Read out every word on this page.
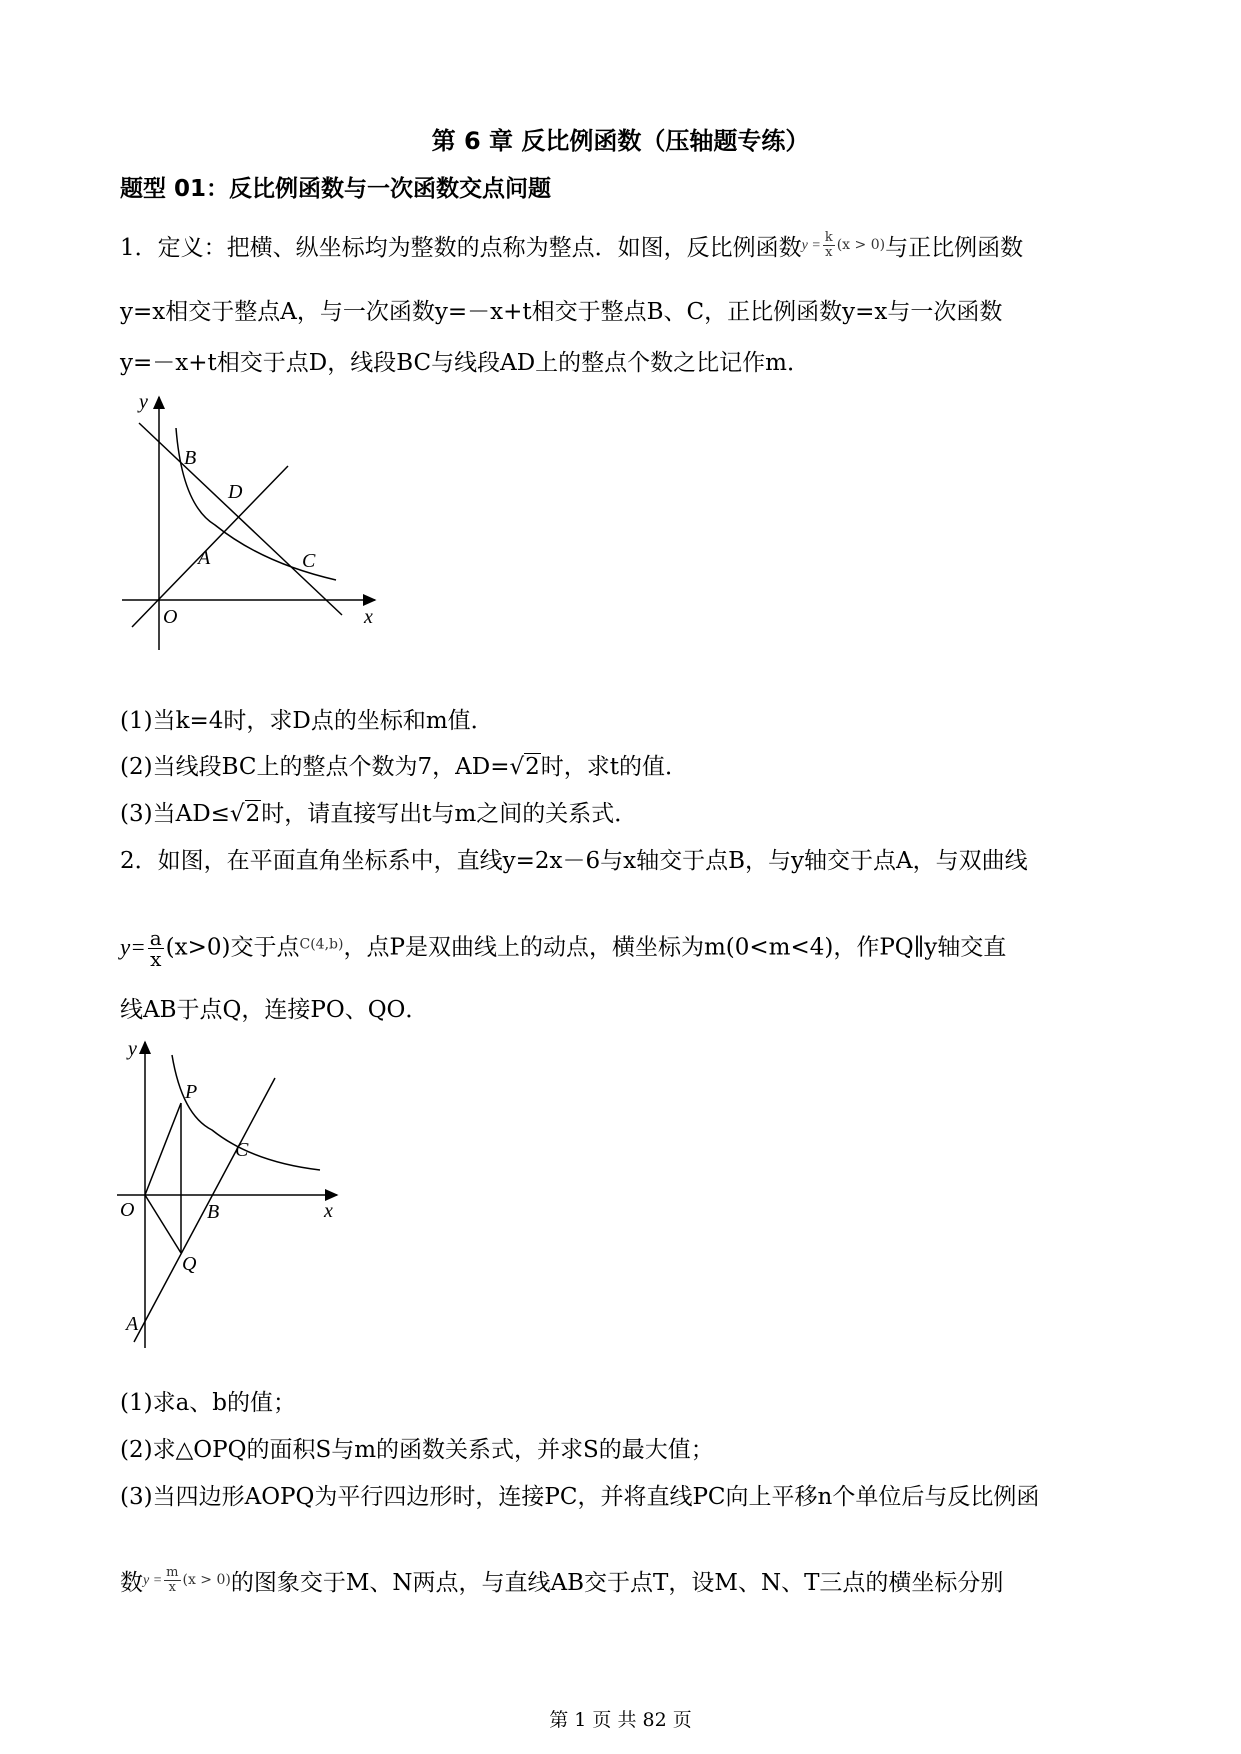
第 6 章 反比例函数（压轴题专练）
题型 01：反比例函数与一次函数交点问题
1．定义：把横、纵坐标均为整数的点称为整点．如图，反比例函数$^{y = \frac{k}{x} (x > 0)}$与正比例函数
y=x相交于整点A，与一次函数y=－x+t相交于整点B、C，正比例函数y=x与一次函数
y=－x+t相交于点D，线段BC与线段AD上的整点个数之比记作m．
y
x
O
A
B
C
D
(1)当k=4时，求D点的坐标和m值．
(2)当线段BC上的整点个数为7，AD=√2时，求t的值．
(3)当AD≤√2时，请直接写出t与m之间的关系式．
2．如图，在平面直角坐标系中，直线y=2x－6与x轴交于点B，与y轴交于点A，与双曲线
$y= \frac{a}{x} (x>0)$交于点$^{C(4,b)}$，点P是双曲线上的动点，横坐标为m(0<m<4)，作PQ∥y轴交直
线AB于点Q，连接PO、QO．
y
x
O	B
C
P
Q
A
(1)求a、b的值；
(2)求△OPQ的面积S与m的函数关系式，并求S的最大值；
(3)当四边形AOPQ为平行四边形时，连接PC，并将直线PC向上平移n个单位后与反比例函
数$^{y = \frac{m}{x} (x > 0)}$的图象交于M、N两点，与直线AB交于点T，设M、N、T三点的横坐标分别
第 1 页 共 82 页
